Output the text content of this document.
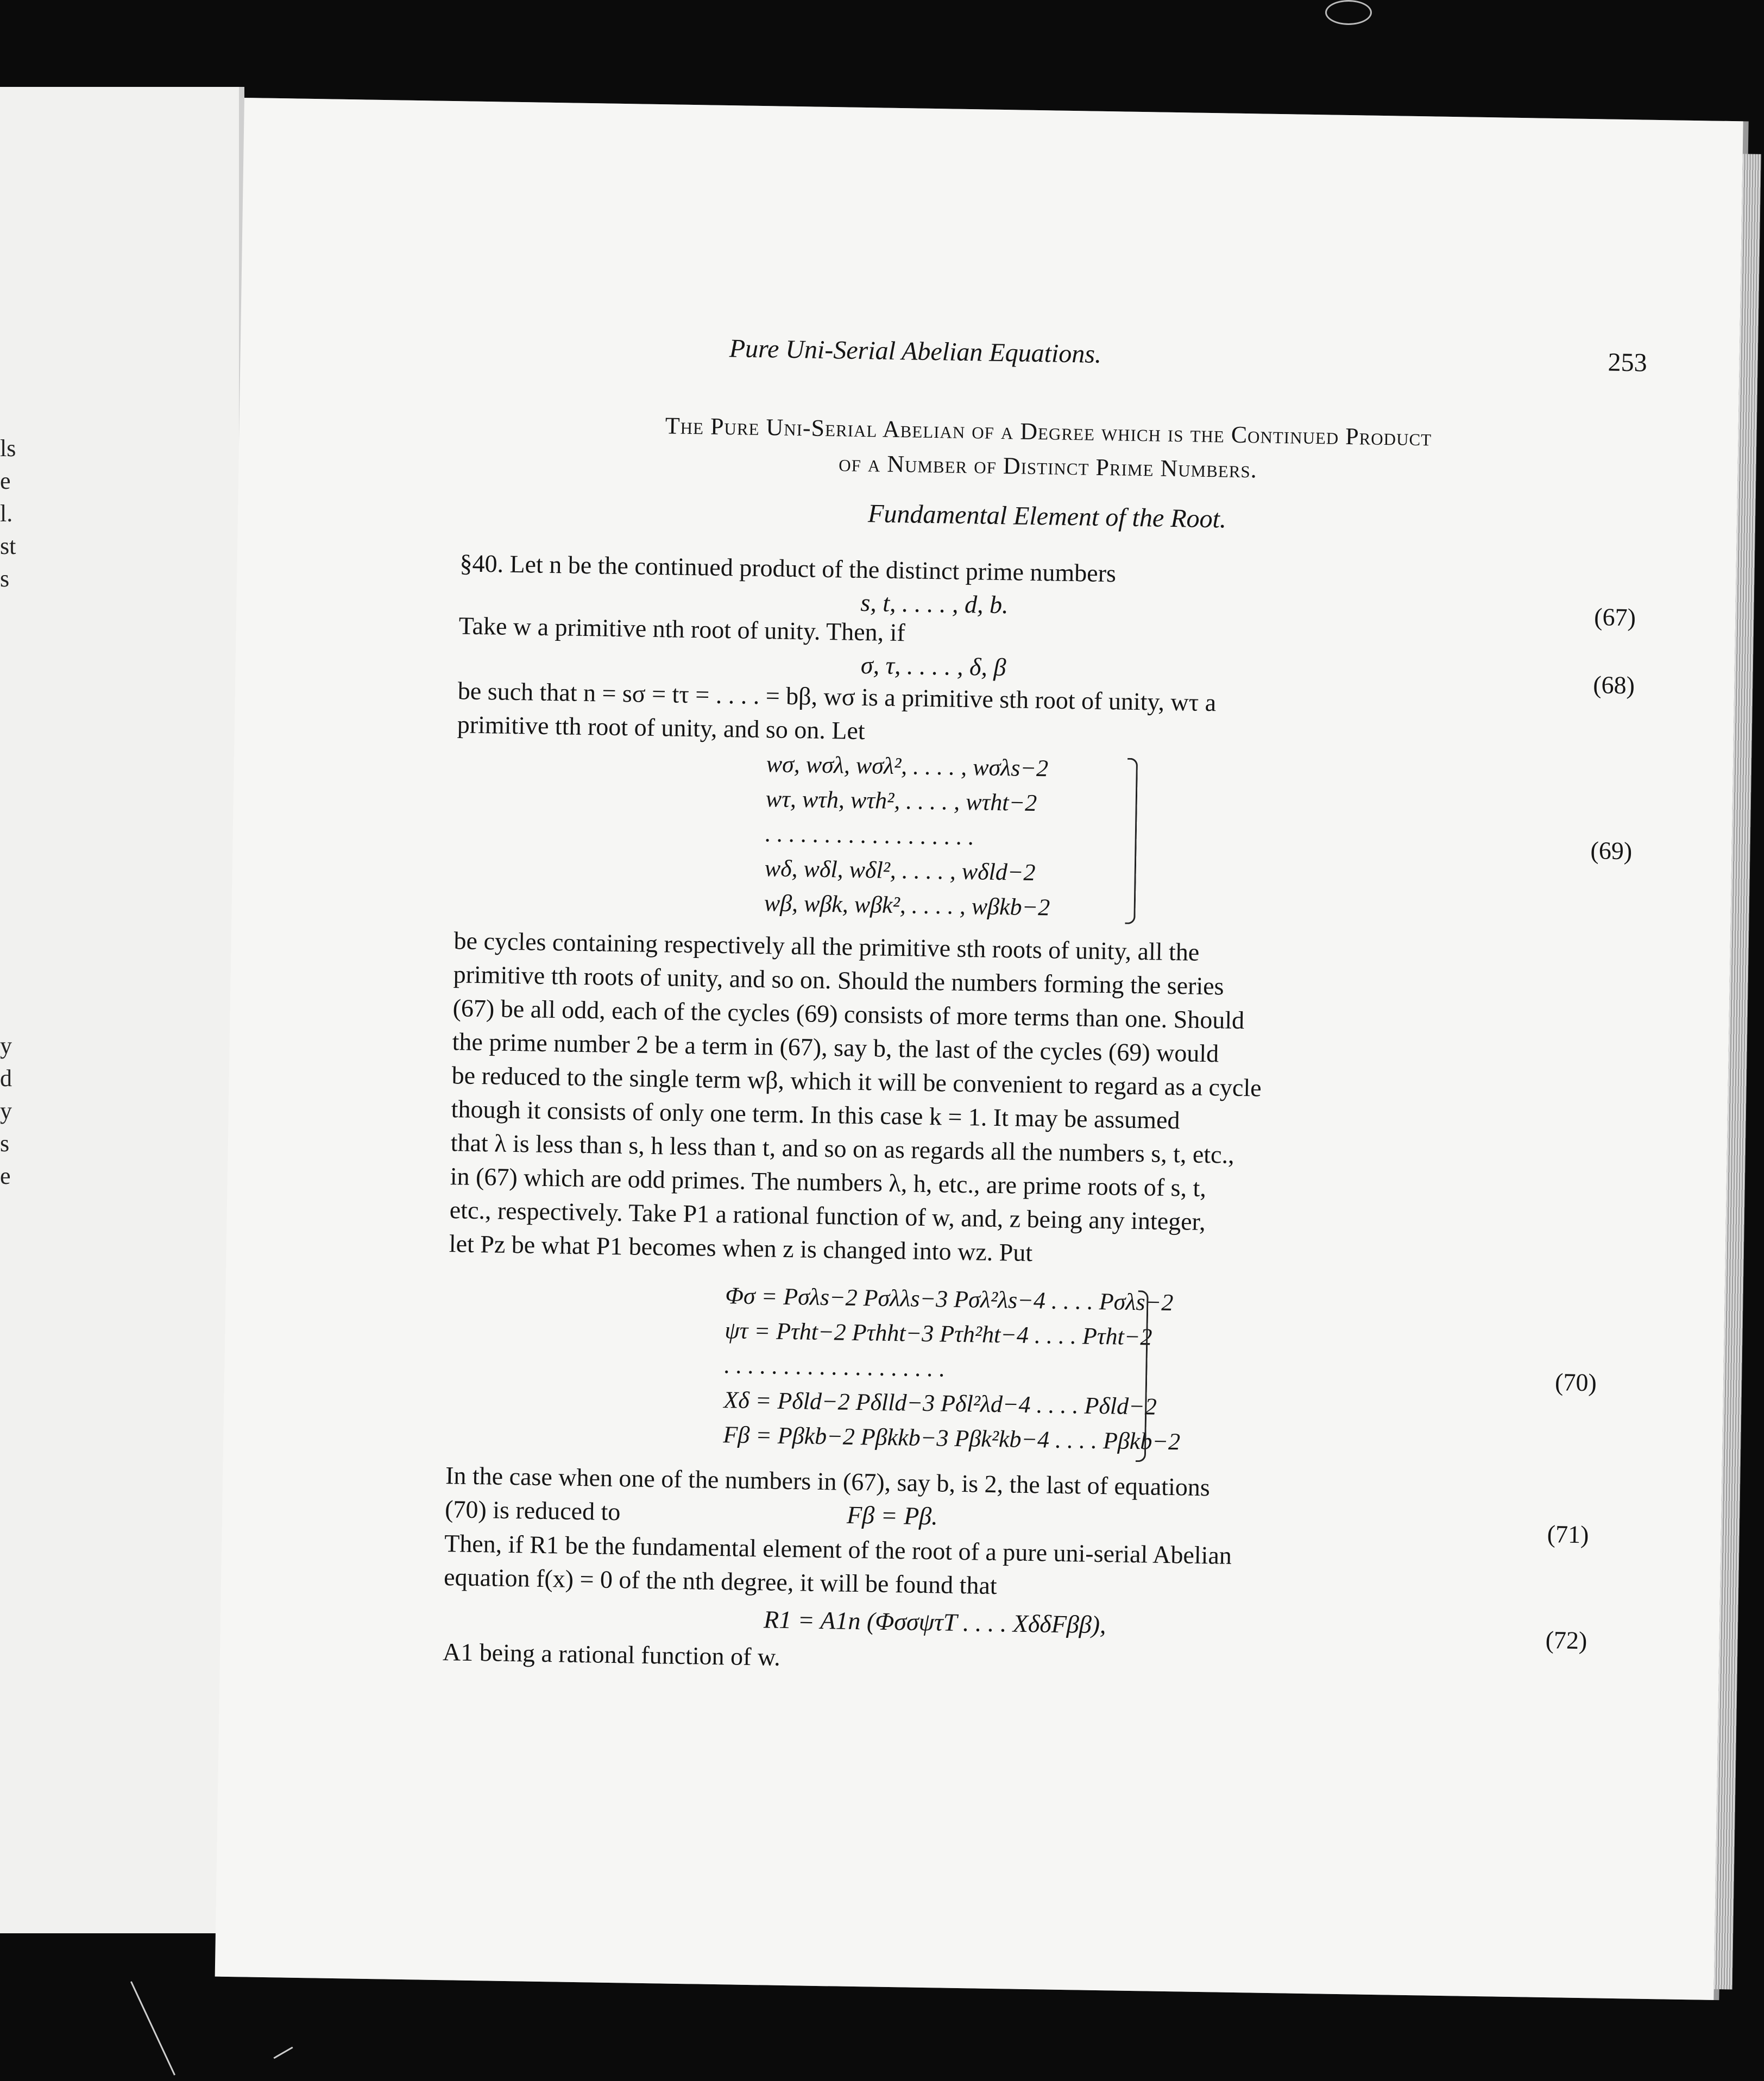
ls
e
l.
st
s
y
d
y
s
e
Pure Uni-Serial Abelian Equations.	253
The Pure Uni-Serial Abelian of a Degree which is the Continued Product
of a Number of Distinct Prime Numbers.
Fundamental Element of the Root.
§40. Let n be the continued product of the distinct prime numbers
s, t, . . . . , d, b.	(67)
Take w a primitive nth root of unity. Then, if
σ, τ, . . . . , δ, β
(68)
be such that n = sσ = tτ = . . . . = bβ, wσ is a primitive sth root of unity, wτ a
primitive tth root of unity, and so on. Let
wσ, wσλ, wσλ², . . . . , wσλs−2
wτ, wτh, wτh², . . . . , wτht−2
. . . . . . . . . . . . . . . . . .
wδ, wδl, wδl², . . . . , wδld−2
wβ, wβk, wβk², . . . . , wβkb−2
(69)
be cycles containing respectively all the primitive sth roots of unity, all the
primitive tth roots of unity, and so on. Should the numbers forming the series
(67) be all odd, each of the cycles (69) consists of more terms than one. Should
the prime number 2 be a term in (67), say b, the last of the cycles (69) would
be reduced to the single term wβ, which it will be convenient to regard as a cycle
though it consists of only one term. In this case k = 1. It may be assumed
that λ is less than s, h less than t, and so on as regards all the numbers s, t, etc.,
in (67) which are odd primes. The numbers λ, h, etc., are prime roots of s, t,
etc., respectively. Take P1 a rational function of w, and, z being any integer,
let Pz be what P1 becomes when z is changed into wz. Put
Φσ = Pσλs−2 Pσλλs−3 Pσλ²λs−4 . . . . Pσλs−2
ψτ = Pτht−2 Pτhht−3 Pτh²ht−4 . . . . Pτht−2
. . . . . . . . . . . . . . . . . . .
Xδ = Pδld−2 Pδlld−3 Pδl²λd−4 . . . . Pδld−2
Fβ = Pβkb−2 Pβkkb−3 Pβk²kb−4 . . . . Pβkb−2
(70)
In the case when one of the numbers in (67), say b, is 2, the last of equations
(70) is reduced to	Fβ = Pβ.
(71)
Then, if R1 be the fundamental element of the root of a pure uni-serial Abelian
equation f(x) = 0 of the nth degree, it will be found that
R1 = A1n (ΦσσψτΤ . . . . XδδFββ),
(72)
A1 being a rational function of w.
